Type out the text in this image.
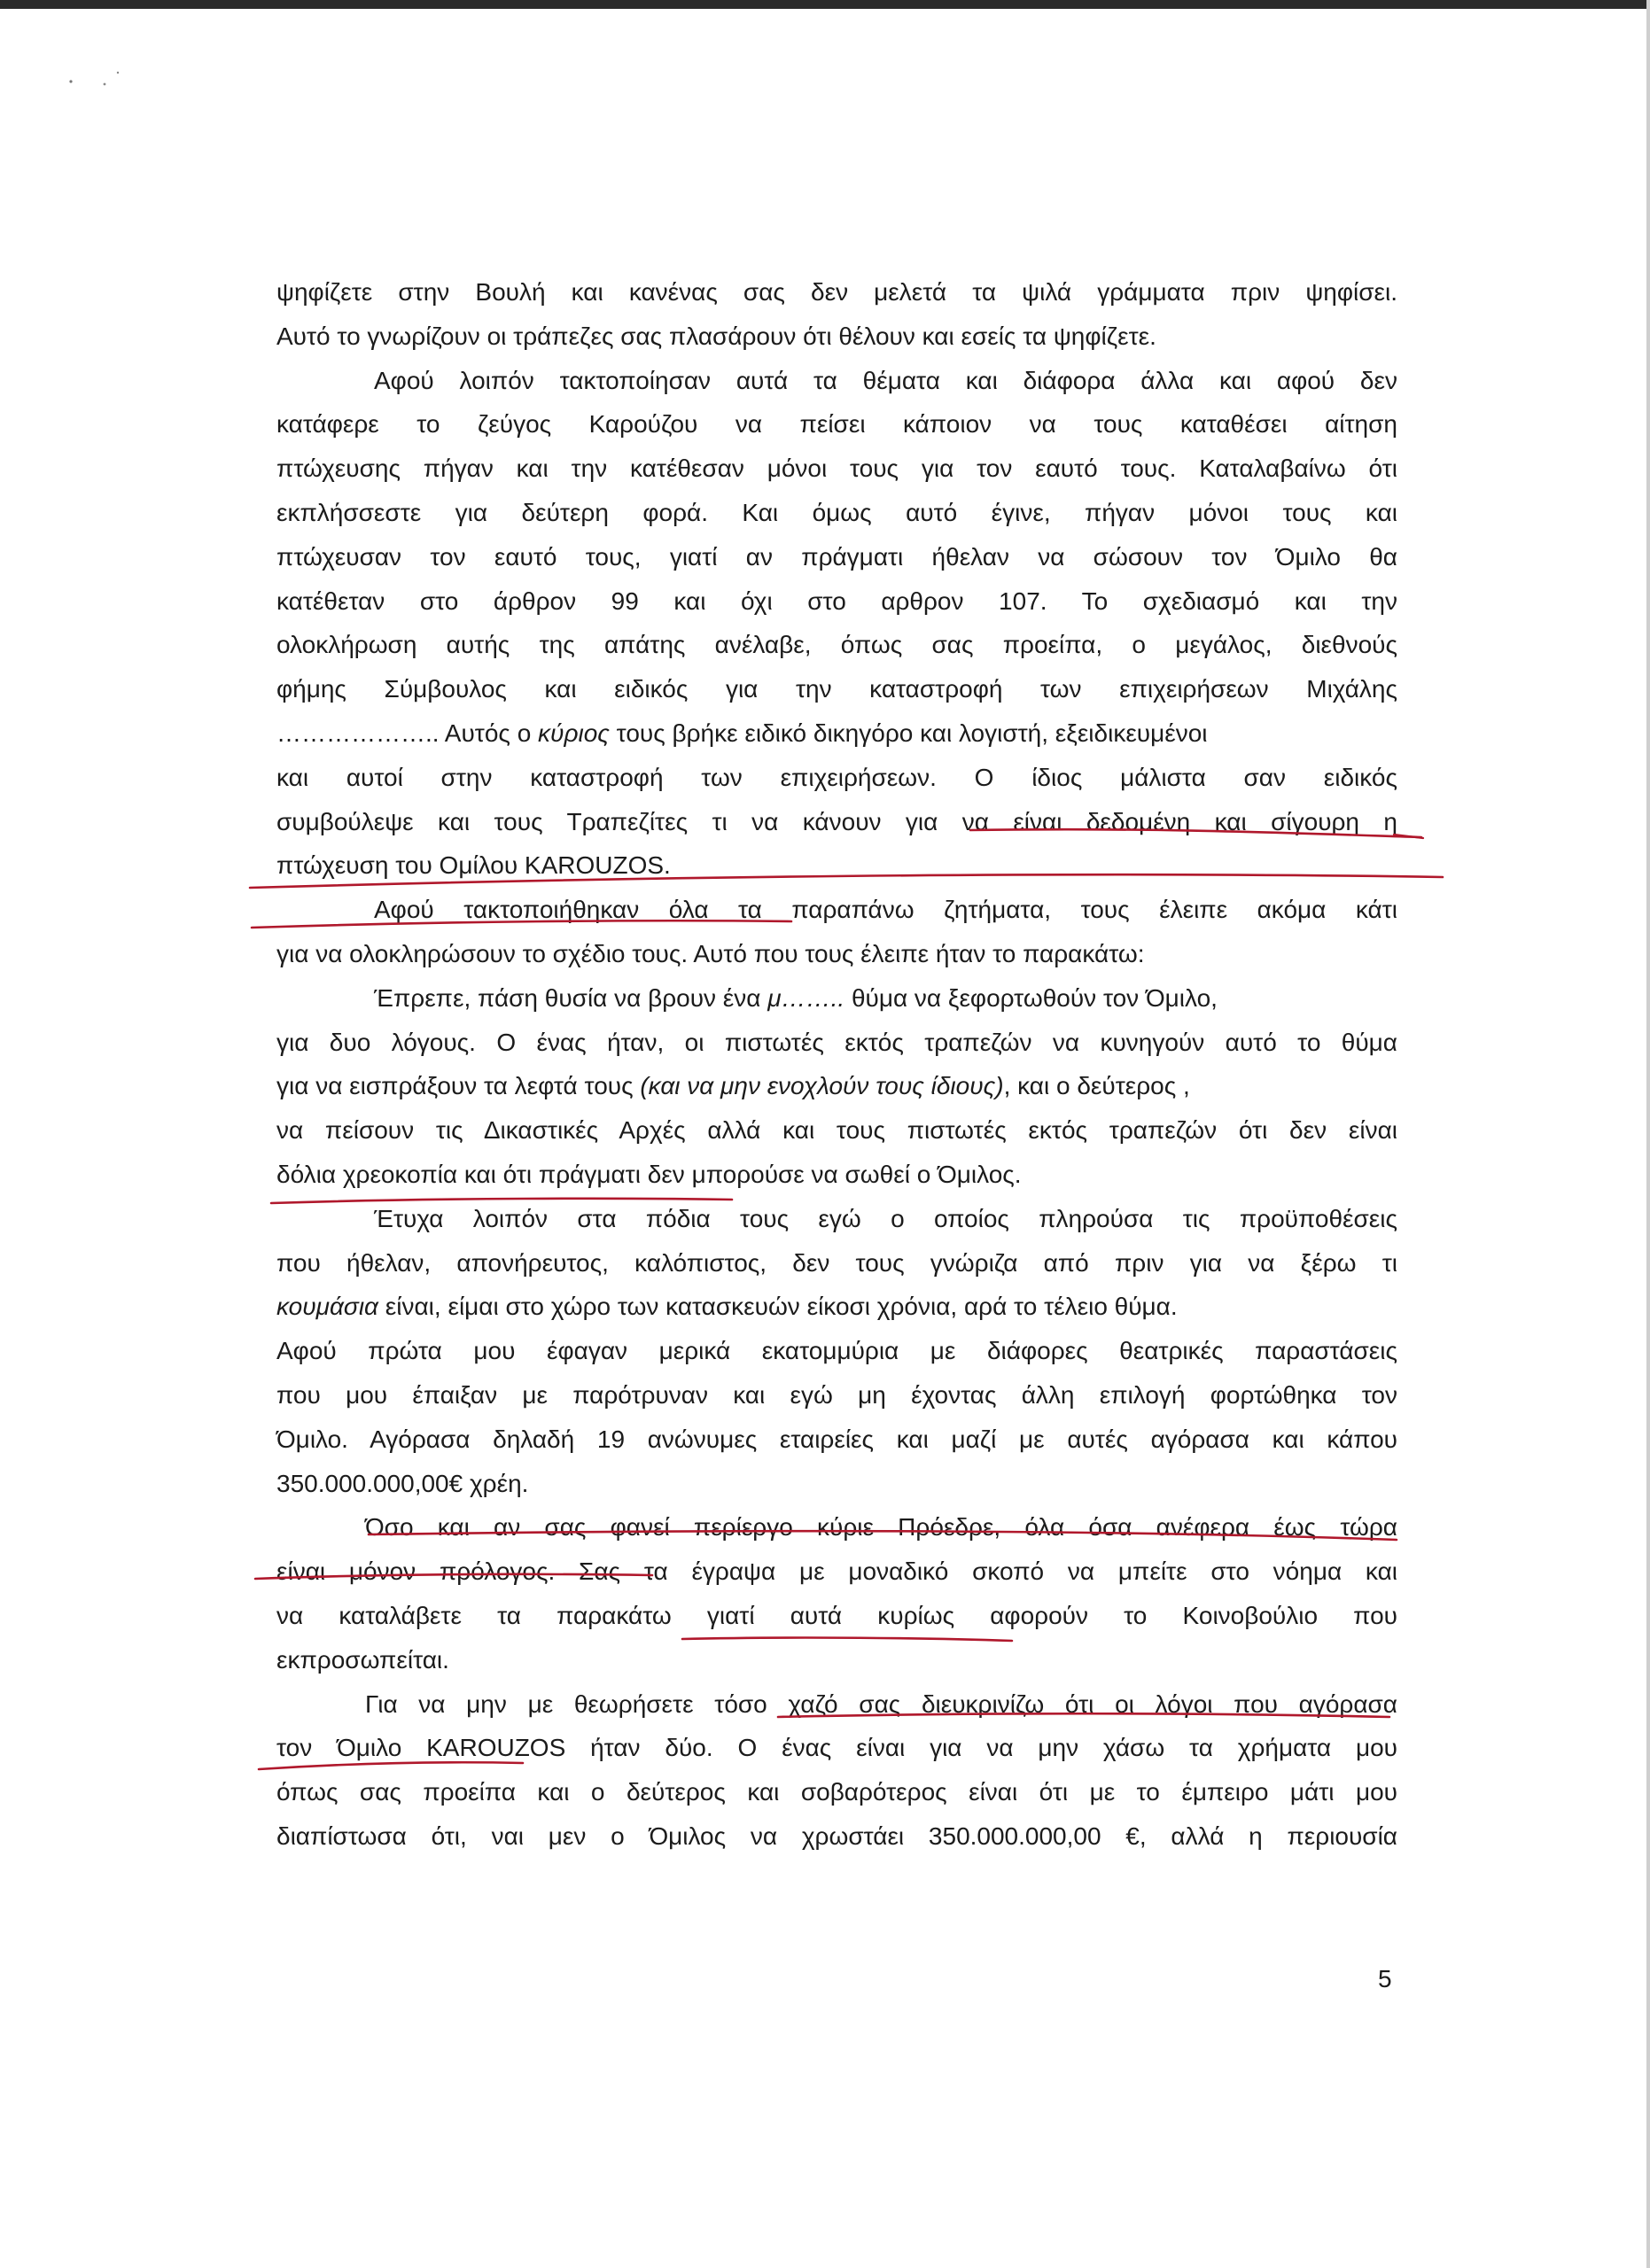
ψηφίζετε στην Βουλή και κανένας σας δεν μελετά τα ψιλά γράμματα πριν ψηφίσει.
Αυτό το γνωρίζουν οι τράπεζες σας πλασάρουν ότι θέλουν και εσείς τα ψηφίζετε.
Αφού λοιπόν τακτοποίησαν αυτά τα θέματα και διάφορα άλλα και αφού δεν
κατάφερε το ζεύγος Καρούζου να πείσει κάποιον να τους καταθέσει αίτηση
πτώχευσης πήγαν και την κατέθεσαν μόνοι τους για τον εαυτό τους. Καταλαβαίνω ότι
εκπλήσσεστε για δεύτερη φορά. Και όμως αυτό έγινε, πήγαν μόνοι τους και
πτώχευσαν τον εαυτό τους, γιατί αν πράγματι ήθελαν να σώσουν τον Όμιλο θα
κατέθεταν στο άρθρον 99 και όχι στο αρθρον 107. Το σχεδιασμό και την
ολοκλήρωση αυτής της απάτης ανέλαβε, όπως σας προείπα, ο μεγάλος, διεθνούς
φήμης Σύμβουλος και ειδικός για την καταστροφή των επιχειρήσεων Μιχάλης
……………….. Αυτός ο κύριος τους βρήκε ειδικό δικηγόρο και λογιστή, εξειδικευμένοι
και αυτοί στην καταστροφή των επιχειρήσεων. Ο ίδιος μάλιστα σαν ειδικός
συμβούλεψε και τους Τραπεζίτες τι να κάνουν για να είναι δεδομένη και σίγουρη η
πτώχευση του Ομίλου KAROUZOS.
Αφού τακτοποιήθηκαν όλα τα παραπάνω ζητήματα, τους έλειπε ακόμα κάτι
για να ολοκληρώσουν το σχέδιο τους. Αυτό που τους έλειπε ήταν το παρακάτω:
Έπρεπε, πάση θυσία να βρουν ένα μ…….. θύμα να ξεφορτωθούν τον Όμιλο,
για δυο λόγους. Ο ένας ήταν, οι πιστωτές εκτός τραπεζών να κυνηγούν αυτό το θύμα
για να εισπράξουν τα λεφτά τους (και να μην ενοχλούν τους ίδιους), και ο δεύτερος ,
να πείσουν τις Δικαστικές Αρχές αλλά και τους πιστωτές εκτός τραπεζών ότι δεν είναι
δόλια χρεοκοπία και ότι πράγματι δεν μπορούσε να σωθεί ο Όμιλος.
Έτυχα λοιπόν στα πόδια τους εγώ ο οποίος πληρούσα τις προϋποθέσεις
που ήθελαν, απονήρευτος, καλόπιστος, δεν τους γνώριζα από πριν για να ξέρω τι
κουμάσια είναι, είμαι στο χώρο των κατασκευών είκοσι χρόνια, αρά το τέλειο θύμα.
Αφού πρώτα μου έφαγαν μερικά εκατομμύρια με διάφορες θεατρικές παραστάσεις
που μου έπαιξαν με παρότρυναν και εγώ μη έχοντας άλλη επιλογή φορτώθηκα τον
Όμιλο. Αγόρασα δηλαδή 19 ανώνυμες εταιρείες και μαζί με αυτές αγόρασα και κάπου
350.000.000,00€ χρέη.
Όσο και αν σας φανεί περίεργο κύριε Πρόεδρε, όλα όσα ανέφερα έως τώρα
είναι μόνον πρόλογος. Σας τα έγραψα με μοναδικό σκοπό να μπείτε στο νόημα και
να καταλάβετε τα παρακάτω γιατί αυτά κυρίως αφορούν το Κοινοβούλιο που
εκπροσωπείται.
Για να μην με θεωρήσετε τόσο χαζό σας διευκρινίζω ότι οι λόγοι που αγόρασα
τον Όμιλο KAROUZOS ήταν δύο. Ο ένας είναι για να μην χάσω τα χρήματα μου
όπως σας προείπα και ο δεύτερος και σοβαρότερος είναι ότι με το έμπειρο μάτι μου
διαπίστωσα ότι, ναι μεν ο Όμιλος να χρωστάει 350.000.000,00 €, αλλά η περιουσία
5
